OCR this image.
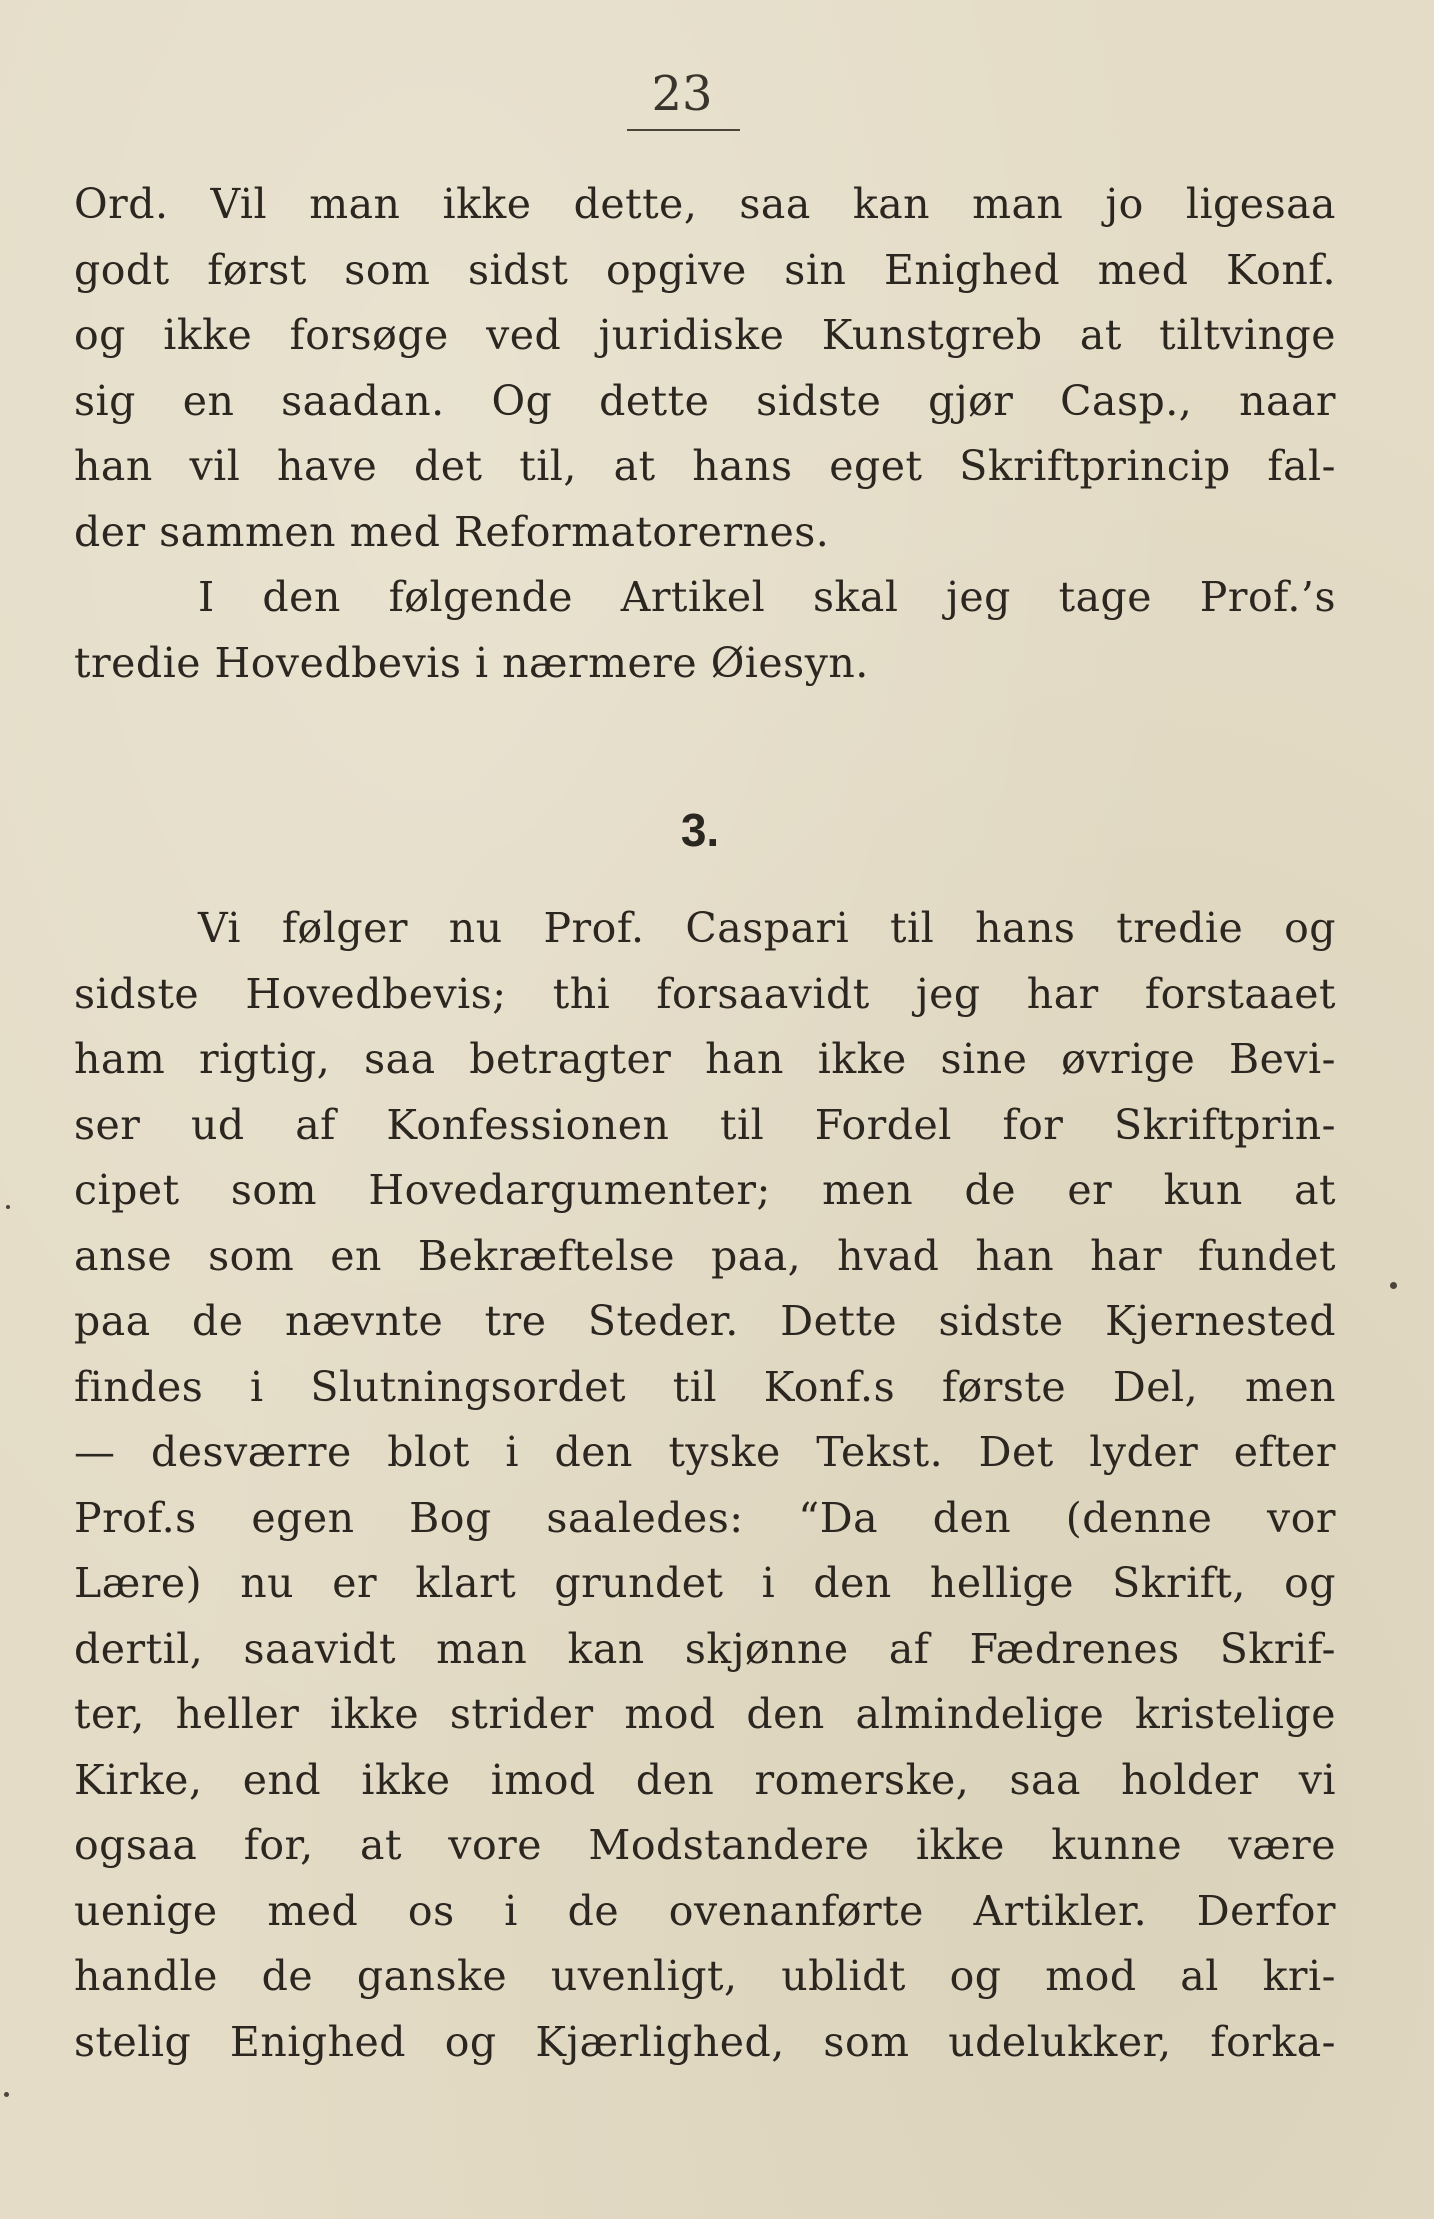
23
Ord. Vil man ikke dette, saa kan man jo ligesaa
godt først som sidst opgive sin Enighed med Konf.
og ikke forsøge ved juridiske Kunstgreb at tiltvinge
sig en saadan. Og dette sidste gjør Casp., naar
han vil have det til, at hans eget Skriftprincip fal-
der sammen med Reformatorernes.
I den følgende Artikel skal jeg tage Prof.’s
tredie Hovedbevis i nærmere Øiesyn.
3.
Vi følger nu Prof. Caspari til hans tredie og
sidste Hovedbevis; thi forsaavidt jeg har forstaaet
ham rigtig, saa betragter han ikke sine øvrige Bevi-
ser ud af Konfessionen til Fordel for Skriftprin-
cipet som Hovedargumenter; men de er kun at
anse som en Bekræftelse paa, hvad han har fundet
paa de nævnte tre Steder. Dette sidste Kjernested
findes i Slutningsordet til Konf.s første Del, men
— desværre blot i den tyske Tekst. Det lyder efter
Prof.s egen Bog saaledes: “Da den (denne vor
Lære) nu er klart grundet i den hellige Skrift, og
dertil, saavidt man kan skjønne af Fædrenes Skrif-
ter, heller ikke strider mod den almindelige kristelige
Kirke, end ikke imod den romerske, saa holder vi
ogsaa for, at vore Modstandere ikke kunne være
uenige med os i de ovenanførte Artikler. Derfor
handle de ganske uvenligt, ublidt og mod al kri-
stelig Enighed og Kjærlighed, som udelukker, forka-
